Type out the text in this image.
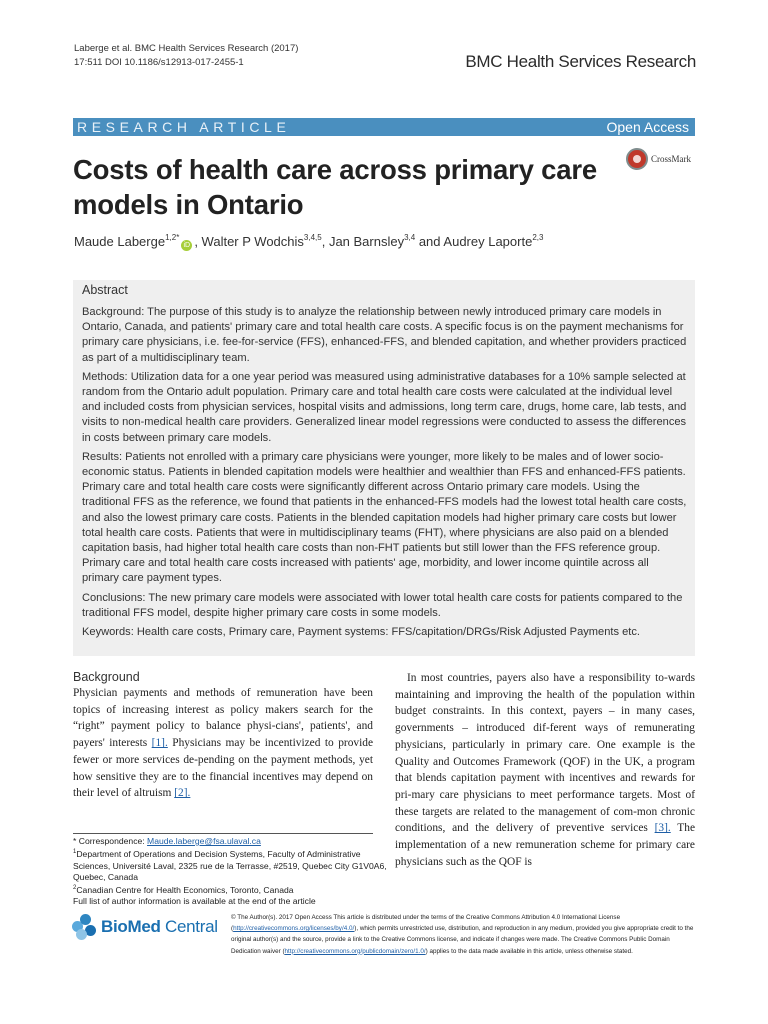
Laberge et al. BMC Health Services Research (2017)
17:511 DOI 10.1186/s12913-017-2455-1	BMC Health Services Research
RESEARCH ARTICLE	Open Access
CrossMark
Costs of health care across primary care models in Ontario
Maude Laberge$^{1,2*}$iD , Walter P Wodchis$^{3,4,5}$, Jan Barnsley$^{3,4}$ and Audrey Laporte$^{2,3}$
Abstract

Background: The purpose of this study is to analyze the relationship between newly introduced primary care models in Ontario, Canada, and patients' primary care and total health care costs. A specific focus is on the payment mechanisms for primary care physicians, i.e. fee-for-service (FFS), enhanced-FFS, and blended capitation, and whether providers practiced as part of a multidisciplinary team.

Methods: Utilization data for a one year period was measured using administrative databases for a 10% sample selected at random from the Ontario adult population. Primary care and total health care costs were calculated at the individual level and included costs from physician services, hospital visits and admissions, long term care, drugs, home care, lab tests, and visits to non-medical health care providers. Generalized linear model regressions were conducted to assess the differences in costs between primary care models.

Results: Patients not enrolled with a primary care physicians were younger, more likely to be males and of lower socio-economic status. Patients in blended capitation models were healthier and wealthier than FFS and enhanced-FFS patients. Primary care and total health care costs were significantly different across Ontario primary care models. Using the traditional FFS as the reference, we found that patients in the enhanced-FFS models had the lowest total health care costs, and also the lowest primary care costs. Patients in the blended capitation models had higher primary care costs but lower total health care costs. Patients that were in multidisciplinary teams (FHT), where physicians are also paid on a blended capitation basis, had higher total health care costs than non-FHT patients but still lower than the FFS reference group. Primary care and total health care costs increased with patients' age, morbidity, and lower income quintile across all primary care payment types.

Conclusions: The new primary care models were associated with lower total health care costs for patients compared to the traditional FFS model, despite higher primary care costs in some models.

Keywords: Health care costs, Primary care, Payment systems: FFS/capitation/DRGs/Risk Adjusted Payments etc.

Background

Physician payments and methods of remuneration have been topics of increasing interest as policy makers search for the “right” payment policy to balance physi-cians', patients', and payers' interests [1]. Physicians may be incentivized to provide fewer or more services de-pending on the payment methods, yet how sensitive they are to the financial incentives may depend on their level of altruism [2].

In most countries, payers also have a responsibility to-wards maintaining and improving the health of the population within budget constraints. In this context, payers – in many cases, governments – introduced dif-ferent ways of remunerating physicians, particularly in primary care. One example is the Quality and Outcomes Framework (QOF) in the UK, a program that blends capitation payment with incentives and rewards for pri-mary care physicians to meet performance targets. Most of these targets are related to the management of com-mon chronic conditions, and the delivery of preventive services [3]. The implementation of a new remuneration scheme for primary care physicians such as the QOF is

* Correspondence: Maude.laberge@fsa.ulaval.ca
$^1$Department of Operations and Decision Systems, Faculty of Administrative Sciences, Université Laval, 2325 rue de la Terrasse, #2519, Quebec City G1V0A6, Quebec, Canada
$^2$Canadian Centre for Health Economics, Toronto, Canada
Full list of author information is available at the end of the article
BioMed Central © The Author(s). 2017 Open Access This article is distributed under the terms of the Creative Commons Attribution 4.0 International License (http://creativecommons.org/licenses/by/4.0/), which permits unrestricted use, distribution, and reproduction in any medium, provided you give appropriate credit to the original author(s) and the source, provide a link to the Creative Commons license, and indicate if changes were made. The Creative Commons Public Domain Dedication waiver (http://creativecommons.org/publicdomain/zero/1.0/) applies to the data made available in this article, unless otherwise stated.
